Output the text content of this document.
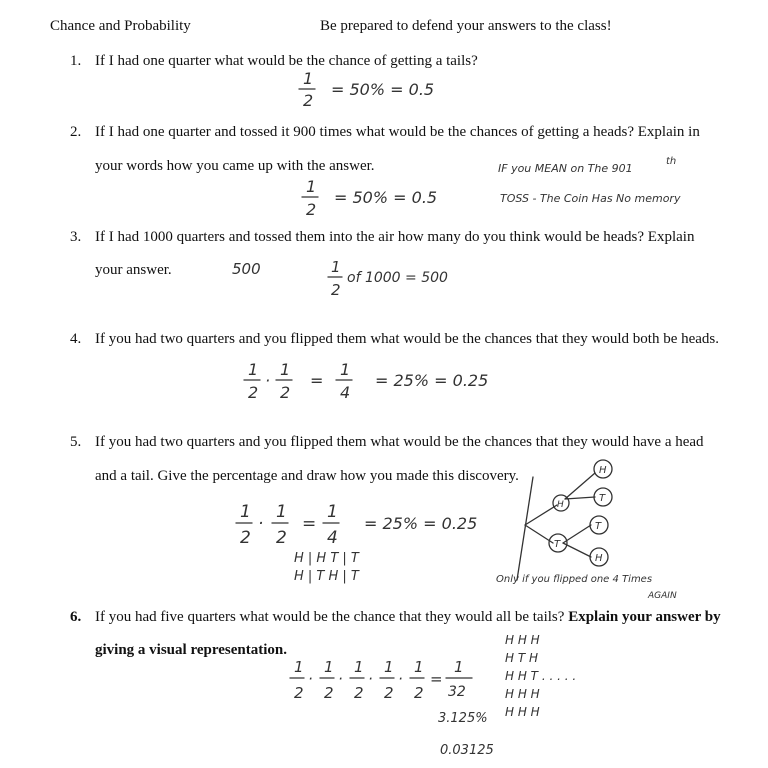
Chance and Probability	Be prepared to defend your answers to the class!
1. If I had one quarter what would be the chance of getting a tails?
1
2
= 50% = 0.5
2. If I had one quarter and tossed it 900 times what would be the chances of getting a heads? Explain in
your words how you came up with the answer.
1
2
= 50% = 0.5
IF you MEAN on The 901
th
TOSS - The Coin Has No memory
3. If I had 1000 quarters and tossed them into the air how many do you think would be heads? Explain
your answer.	500	1
2
of 1000 = 500
4. If you had two quarters and you flipped them what would be the chances that they would both be heads.
1
2
·
1
2
=
1
4
= 25% = 0.25
5. If you had two quarters and you flipped them what would be the chances that they would have a head
and a tail. Give the percentage and draw how you made this discovery.
1
2
·
1
2
=
1
4
= 25% = 0.25
H | H T | T
H | T H | T
H
T
H
T
T
H
Only if you flipped one 4 Times
AGAIN
6. If you had five quarters what would be the chance that they would all be tails? Explain your answer by
giving a visual representation.
1
2
·
1
2
·
1
2
·
1
2
·
1
2
=
1
32
3.125%
0.03125
H H H
H T H
H H T . . . . .
H H H
H H H
